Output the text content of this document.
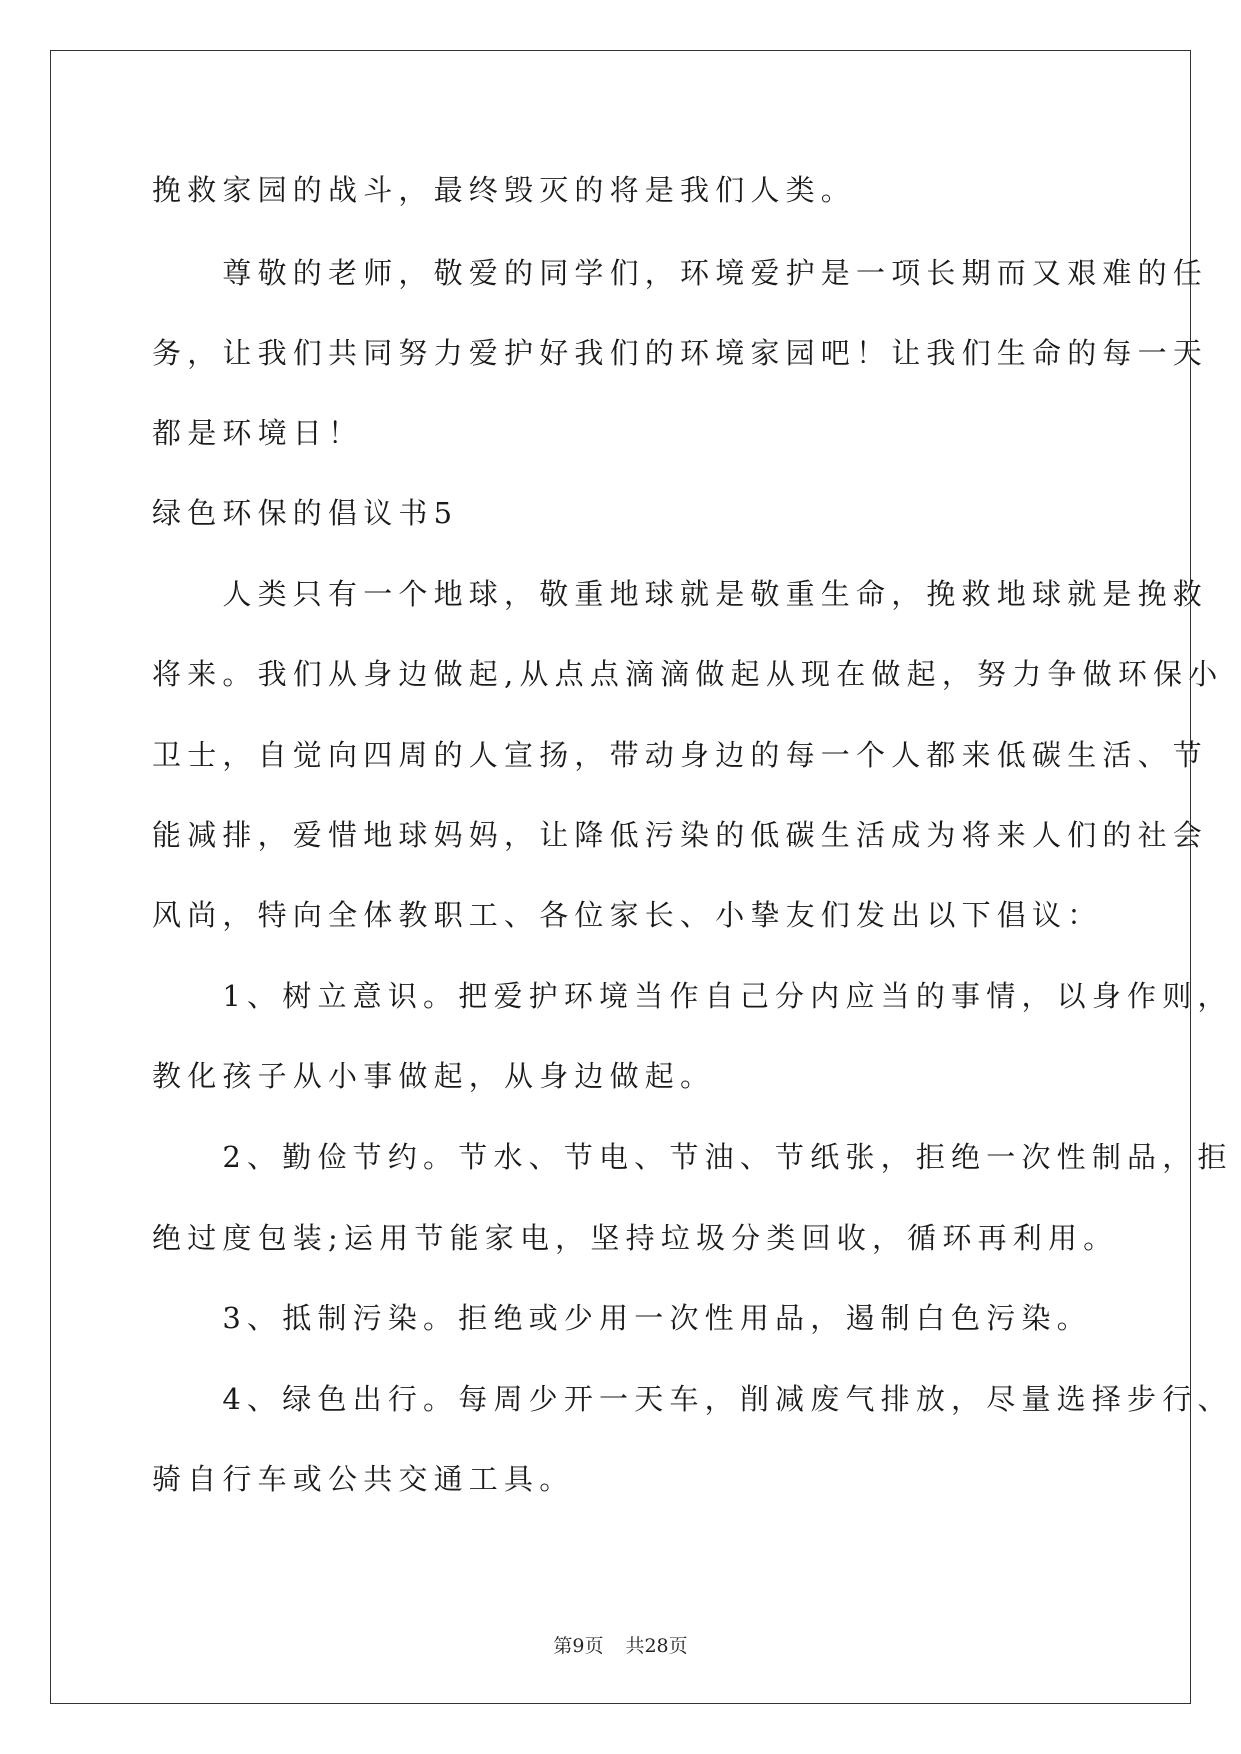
挽救家园的战斗，最终毁灭的将是我们人类。
　　尊敬的老师，敬爱的同学们，环境爱护是一项长期而又艰难的任
务，让我们共同努力爱护好我们的环境家园吧！让我们生命的每一天
都是环境日！
绿色环保的倡议书5
　　人类只有一个地球，敬重地球就是敬重生命，挽救地球就是挽救
将来。我们从身边做起,从点点滴滴做起从现在做起，努力争做环保小
卫士，自觉向四周的人宣扬，带动身边的每一个人都来低碳生活、节
能减排，爱惜地球妈妈，让降低污染的低碳生活成为将来人们的社会
风尚，特向全体教职工、各位家长、小挚友们发出以下倡议：
　　1、树立意识。把爱护环境当作自己分内应当的事情，以身作则，
教化孩子从小事做起，从身边做起。
　　2、勤俭节约。节水、节电、节油、节纸张，拒绝一次性制品，拒
绝过度包装;运用节能家电，坚持垃圾分类回收，循环再利用。
　　3、抵制污染。拒绝或少用一次性用品，遏制白色污染。
　　4、绿色出行。每周少开一天车，削减废气排放，尽量选择步行、
骑自行车或公共交通工具。
第9页 共28页
